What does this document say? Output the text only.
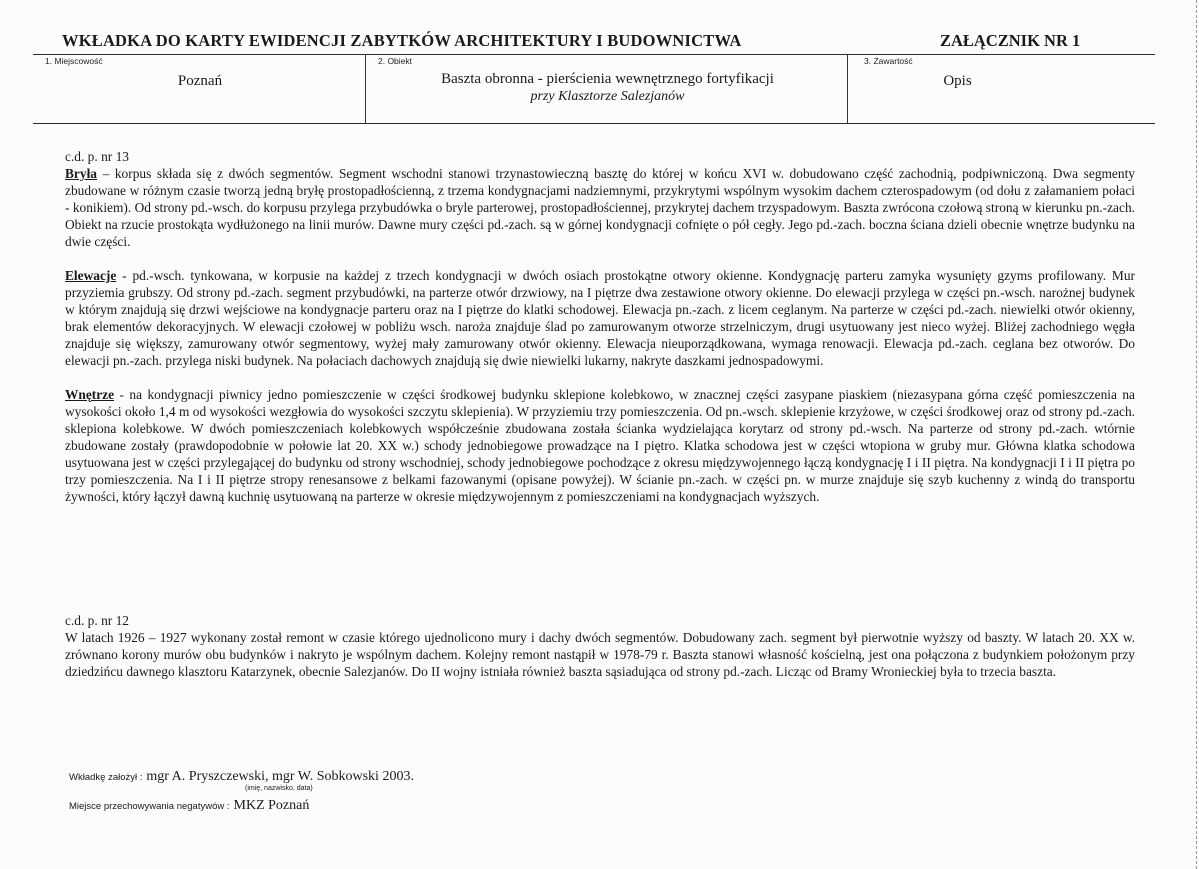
WKŁADKA DO KARTY EWIDENCJI ZABYTKÓW ARCHITEKTURY I BUDOWNICTWA	ZAŁĄCZNIK NR 1
1. Miejscowość
Poznań
2. Obiekt
Baszta obronna - pierścienia wewnętrznego fortyfikacji
przy Klasztorze Salezjanów
3. Zawartość
Opis

c.d. p. nr 13

Bryła – korpus składa się z dwóch segmentów. Segment wschodni stanowi trzynastowieczną basztę do której w końcu XVI w. dobudowano część zachodnią, podpiwniczoną. Dwa segmenty zbudowane w różnym czasie tworzą jedną bryłę prostopadłościenną, z trzema kondygnacjami nadziemnymi, przykrytymi wspólnym wysokim dachem czterospadowym (od dołu z załamaniem połaci - konikiem). Od strony pd.-wsch. do korpusu przylega przybudówka o bryle parterowej, prostopadłościennej, przykrytej dachem trzyspadowym. Baszta zwrócona czołową stroną w kierunku pn.-zach. Obiekt na rzucie prostokąta wydłużonego na linii murów. Dawne mury części pd.-zach. są w górnej kondygnacji cofnięte o pół cegły. Jego pd.-zach. boczna ściana dzieli obecnie wnętrze budynku na dwie części.

Elewacje - pd.-wsch. tynkowana, w korpusie na każdej z trzech kondygnacji w dwóch osiach prostokątne otwory okienne. Kondygnację parteru zamyka wysunięty gzyms profilowany. Mur przyziemia grubszy. Od strony pd.-zach. segment przybudówki, na parterze otwór drzwiowy, na I piętrze dwa zestawione otwory okienne. Do elewacji przylega w części pn.-wsch. narożnej budynek w którym znajdują się drzwi wejściowe na kondygnacje parteru oraz na I piętrze do klatki schodowej. Elewacja pn.-zach. z licem ceglanym. Na parterze w części pd.-zach. niewielki otwór okienny, brak elementów dekoracyjnych. W elewacji czołowej w pobliżu wsch. naroża znajduje ślad po zamurowanym otworze strzelniczym, drugi usytuowany jest nieco wyżej. Bliżej zachodniego węgła znajduje się większy, zamurowany otwór segmentowy, wyżej mały zamurowany otwór okienny. Elewacja nieuporządkowana, wymaga renowacji. Elewacja pd.-zach. ceglana bez otworów. Do elewacji pn.-zach. przylega niski budynek. Na połaciach dachowych znajdują się dwie niewielki lukarny, nakryte daszkami jednospadowymi.

Wnętrze - na kondygnacji piwnicy jedno pomieszczenie w części środkowej budynku sklepione kolebkowo, w znacznej części zasypane piaskiem (niezasypana górna część pomieszczenia na wysokości około 1,4 m od wysokości wezgłowia do wysokości szczytu sklepienia). W przyziemiu trzy pomieszczenia. Od pn.-wsch. sklepienie krzyżowe, w części środkowej oraz od strony pd.-zach. sklepiona kolebkowe. W dwóch pomieszczeniach kolebkowych współcześnie zbudowana została ścianka wydzielająca korytarz od strony pd.-wsch. Na parterze od strony pd.-zach. wtórnie zbudowane zostały (prawdopodobnie w połowie lat 20. XX w.) schody jednobiegowe prowadzące na I piętro. Klatka schodowa jest w części wtopiona w gruby mur. Główna klatka schodowa usytuowana jest w części przylegającej do budynku od strony wschodniej, schody jednobiegowe pochodzące z okresu międzywojennego łączą kondygnację I i II piętra. Na kondygnacji I i II piętra po trzy pomieszczenia. Na I i II piętrze stropy renesansowe z belkami fazowanymi (opisane powyżej). W ścianie pn.-zach. w części pn. w murze znajduje się szyb kuchenny z windą do transportu żywności, który łączył dawną kuchnię usytuowaną na parterze w okresie międzywojennym z pomieszczeniami na kondygnacjach wyższych.

c.d. p. nr 12

W latach 1926 – 1927 wykonany został remont w czasie którego ujednolicono mury i dachy dwóch segmentów. Dobudowany zach. segment był pierwotnie wyższy od baszty. W latach 20. XX w. zrównano korony murów obu budynków i nakryto je wspólnym dachem. Kolejny remont nastąpił w 1978-79 r. Baszta stanowi własność kościelną, jest ona połączona z budynkiem położonym przy dziedzińcu dawnego klasztoru Katarzynek, obecnie Salezjanów. Do II wojny istniała również baszta sąsiadująca od strony pd.-zach. Licząc od Bramy Wronieckiej była to trzecia baszta.

Wkładkę założył : mgr A. Pryszczewski, mgr W. Sobkowski 2003.
(imię, nazwisko, data)
Miejsce przechowywania negatywów : MKZ Poznań
